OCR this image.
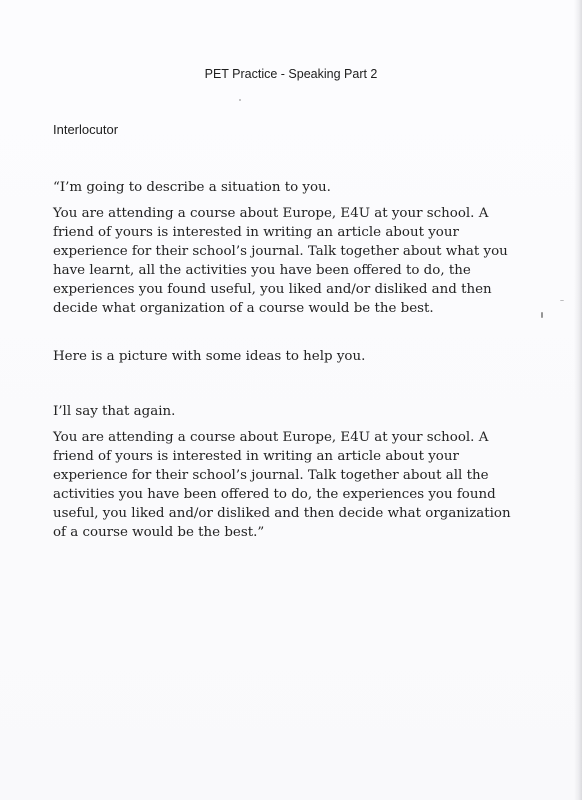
PET Practice - Speaking Part 2

Interlocutor

“I’m going to describe a situation to you.

You are attending a course about Europe, E4U at your school. A friend of yours is interested in writing an article about your experience for their school’s journal. Talk together about what you have learnt, all the activities you have been offered to do, the experiences you found useful, you liked and/or disliked and then decide what organization of a course would be the best.

Here is a picture with some ideas to help you.

I’ll say that again.

You are attending a course about Europe, E4U at your school. A friend of yours is interested in writing an article about your experience for their school’s journal. Talk together about all the activities you have been offered to do, the experiences you found useful, you liked and/or disliked and then decide what organization of a course would be the best.”
